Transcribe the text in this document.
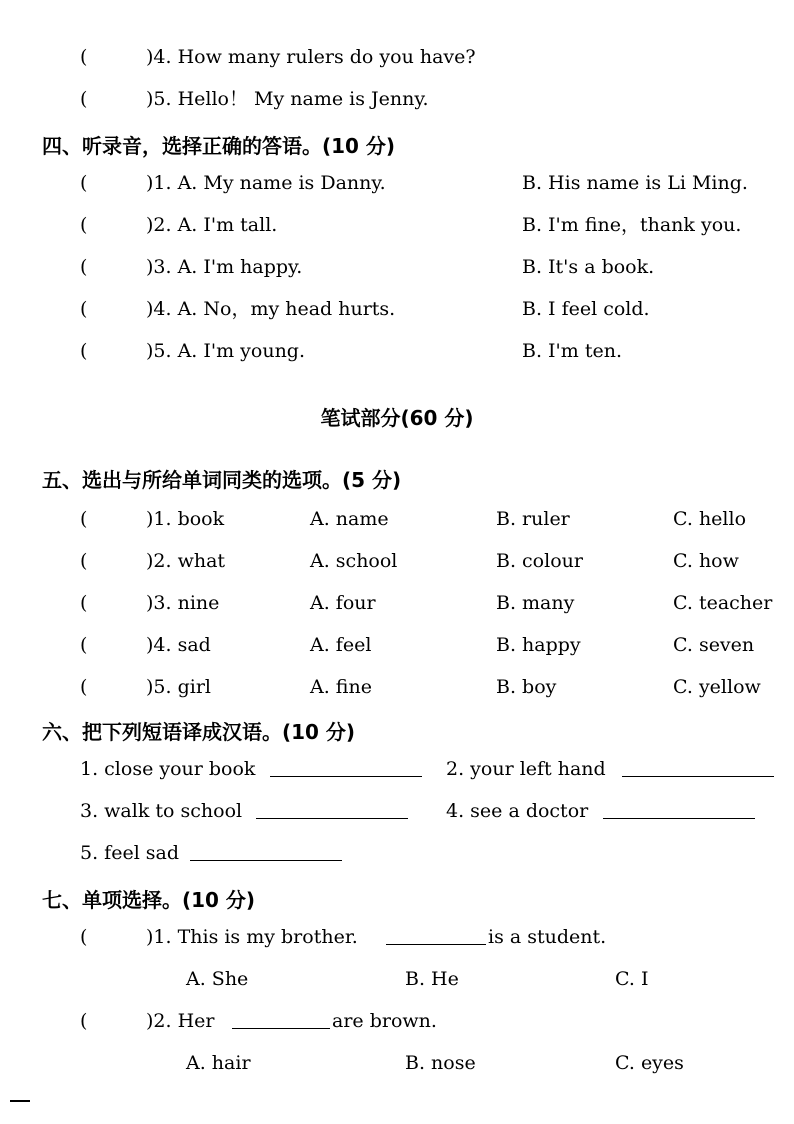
(	)4. How many rulers do you have?
(	)5. Hello！ My name is Jenny.
四、听录音，选择正确的答语。(10 分)
(	)1. A. My name is Danny.	B. His name is Li Ming.
(	)2. A. I'm tall.	B. I'm fine，thank you.
(	)3. A. I'm happy.	B. It's a book.
(	)4. A. No，my head hurts.	B. I feel cold.
(	)5. A. I'm young.	B. I'm ten.
笔试部分(60 分)
五、选出与所给单词同类的选项。(5 分)
(	)1. book	A. name	B. ruler	C. hello
(	)2. what	A. school	B. colour	C. how
(	)3. nine	A. four	B. many	C. teacher
(	)4. sad	A. feel	B. happy	C. seven
(	)5. girl	A. fine	B. boy	C. yellow
六、把下列短语译成汉语。(10 分)
1. close your book	2. your left hand
3. walk to school	4. see a doctor
5. feel sad
七、单项选择。(10 分)
(	)1. This is my brother.	is a student.
A. She	B. He	C. I
(	)2. Her	are brown.
A. hair	B. nose	C. eyes
